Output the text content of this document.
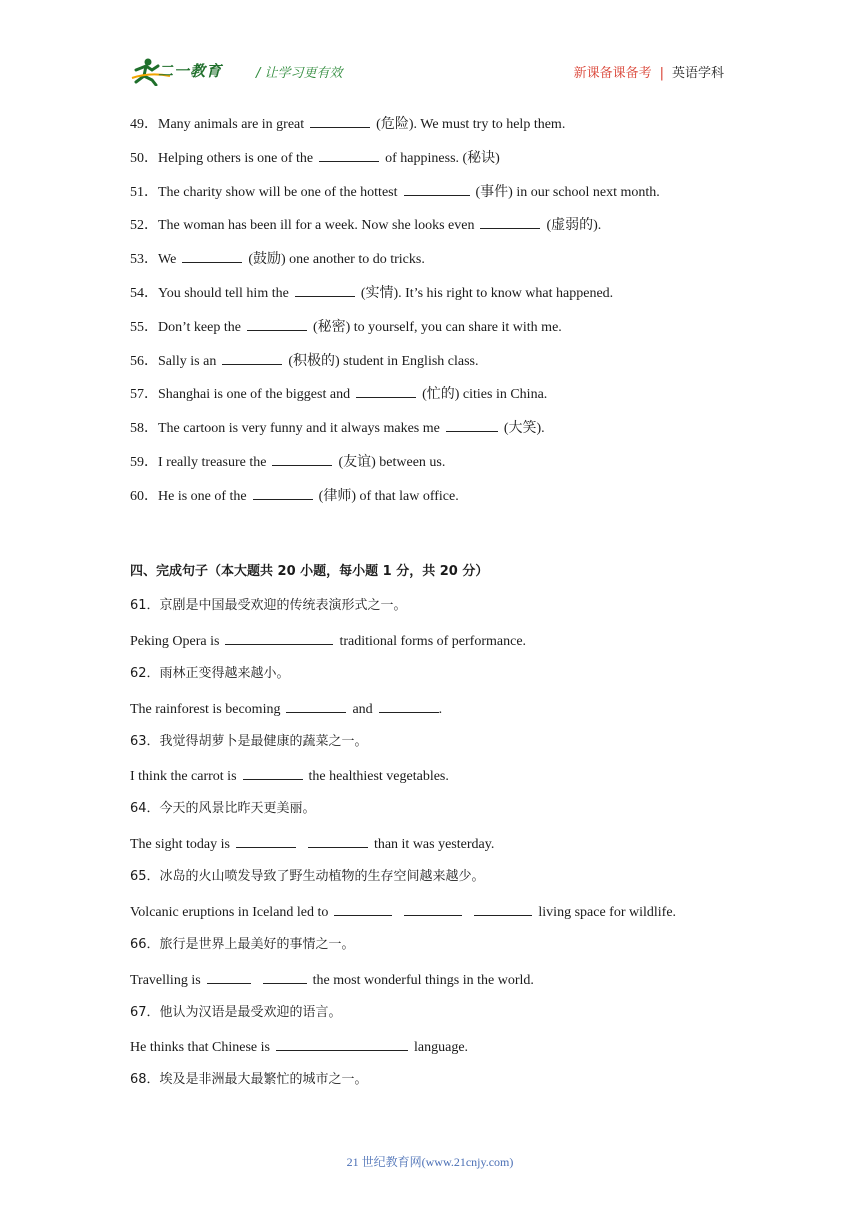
二一教育	/ 让学习更有效	新课备课备考 | 英语学科
49．Many animals are in great	(危险). We must try to help them.
50．Helping others is one of the	of happiness. (秘诀)
51．The charity show will be one of the hottest	(事件) in our school next month.
52．The woman has been ill for a week. Now she looks even	(虚弱的).
53．We	(鼓励) one another to do tricks.
54．You should tell him the	(实情). It’s his right to know what happened.
55．Don’t keep the	(秘密) to yourself, you can share it with me.
56．Sally is an	(积极的) student in English class.
57．Shanghai is one of the biggest and	(忙的) cities in China.
58．The cartoon is very funny and it always makes me	(大笑).
59．I really treasure the	(友谊) between us.
60．He is one of the	(律师) of that law office.
四、完成句子（本大题共 20 小题，每小题 1 分，共 20 分）
61．京剧是中国最受欢迎的传统表演形式之一。
Peking Opera is	traditional forms of performance.
62．雨林正变得越来越小。
The rainforest is becoming	and	.
63．我觉得胡萝卜是最健康的蔬菜之一。
I think the carrot is	the healthiest vegetables.
64．今天的风景比昨天更美丽。
The sight today is	than it was yesterday.
65．冰岛的火山喷发导致了野生动植物的生存空间越来越少。
Volcanic eruptions in Iceland led to	living space for wildlife.
66．旅行是世界上最美好的事情之一。
Travelling is	the most wonderful things in the world.
67．他认为汉语是最受欢迎的语言。
He thinks that Chinese is	language.
68．埃及是非洲最大最繁忙的城市之一。
21 世纪教育网(www.21cnjy.com)
